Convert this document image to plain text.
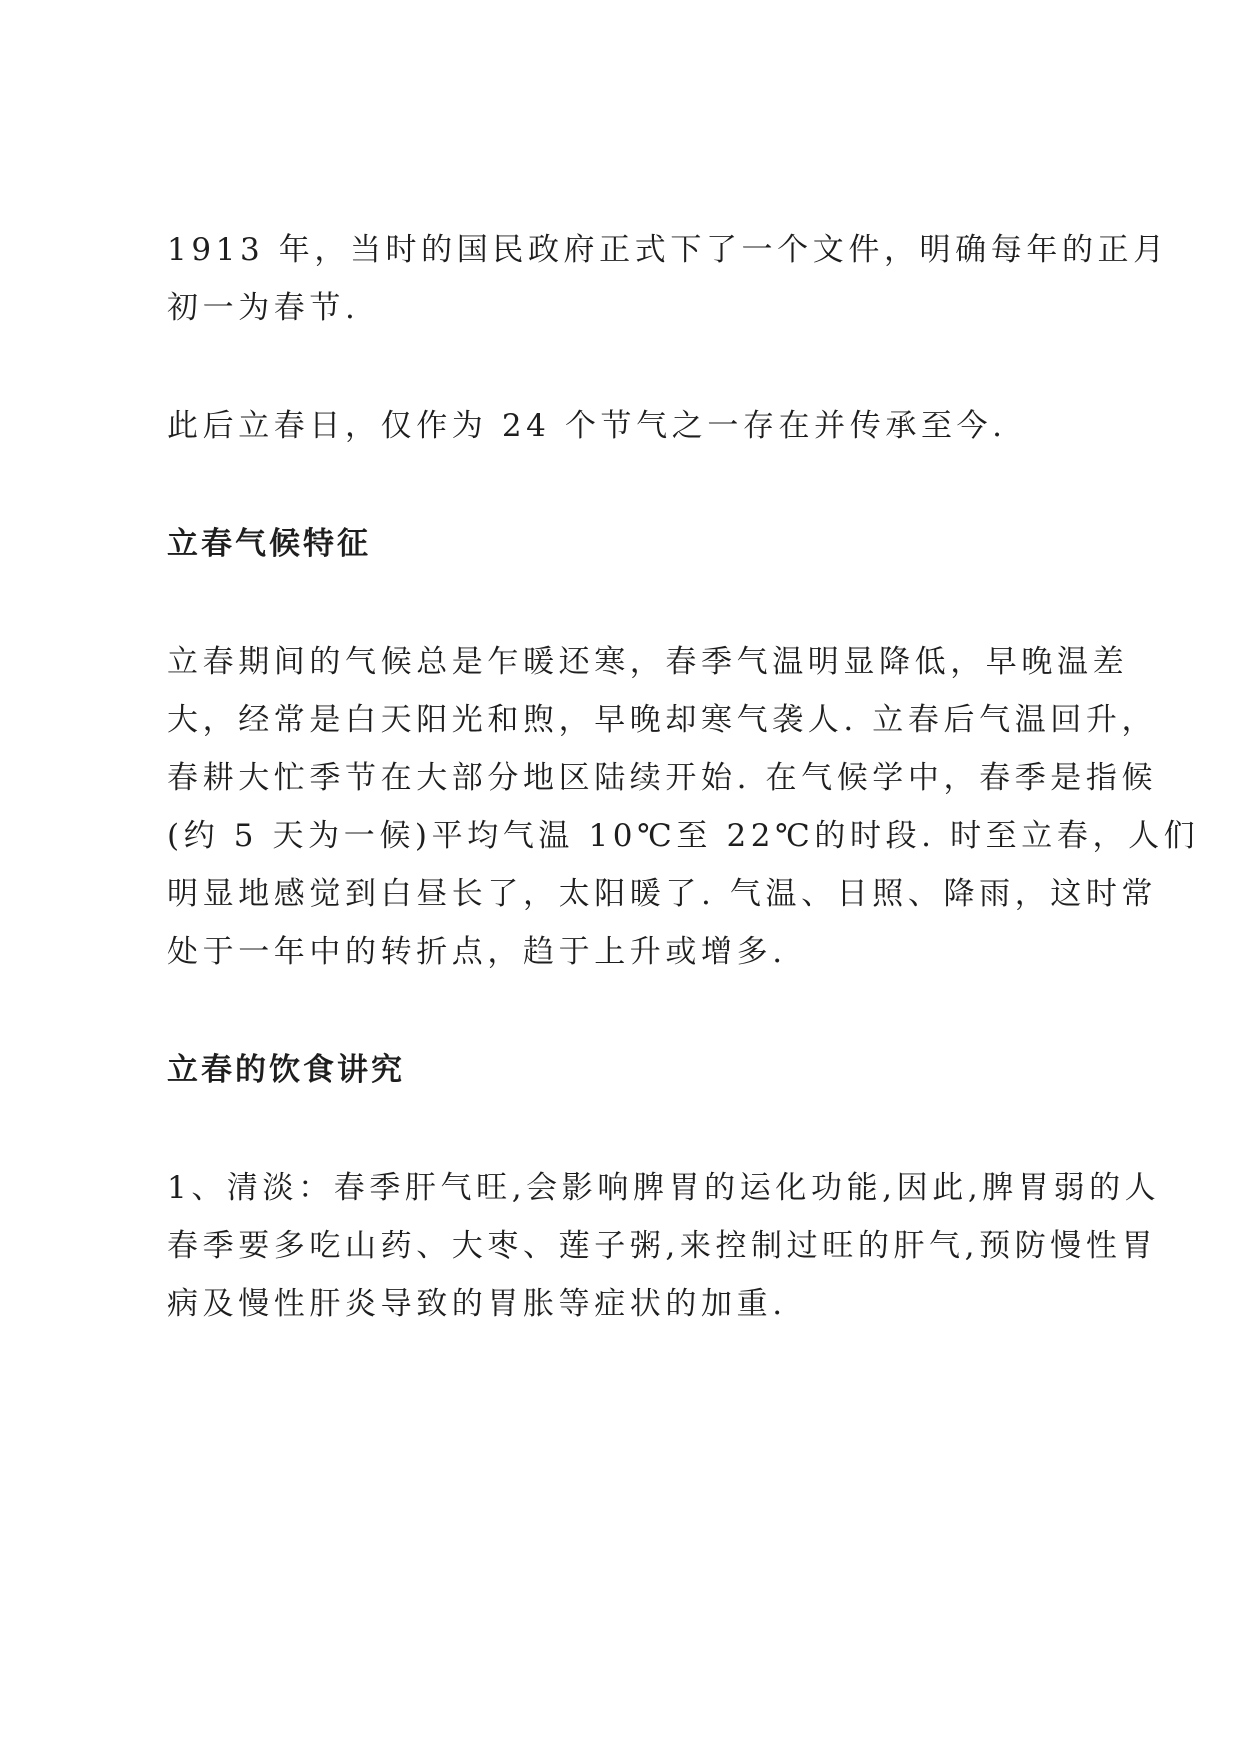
1913 年，当时的国民政府正式下了一个文件，明确每年的正月
初一为春节.

此后立春日，仅作为 24 个节气之一存在并传承至今.

立春气候特征

立春期间的气候总是乍暖还寒，春季气温明显降低，早晚温差
大，经常是白天阳光和煦，早晚却寒气袭人. 立春后气温回升，
春耕大忙季节在大部分地区陆续开始. 在气候学中，春季是指候
(约 5 天为一候)平均气温 10℃至 22℃的时段. 时至立春，人们
明显地感觉到白昼长了，太阳暖了. 气温、日照、降雨，这时常
处于一年中的转折点，趋于上升或增多.

立春的饮食讲究

1、清淡：春季肝气旺,会影响脾胃的运化功能,因此,脾胃弱的人
春季要多吃山药、大枣、莲子粥,来控制过旺的肝气,预防慢性胃
病及慢性肝炎导致的胃胀等症状的加重.
